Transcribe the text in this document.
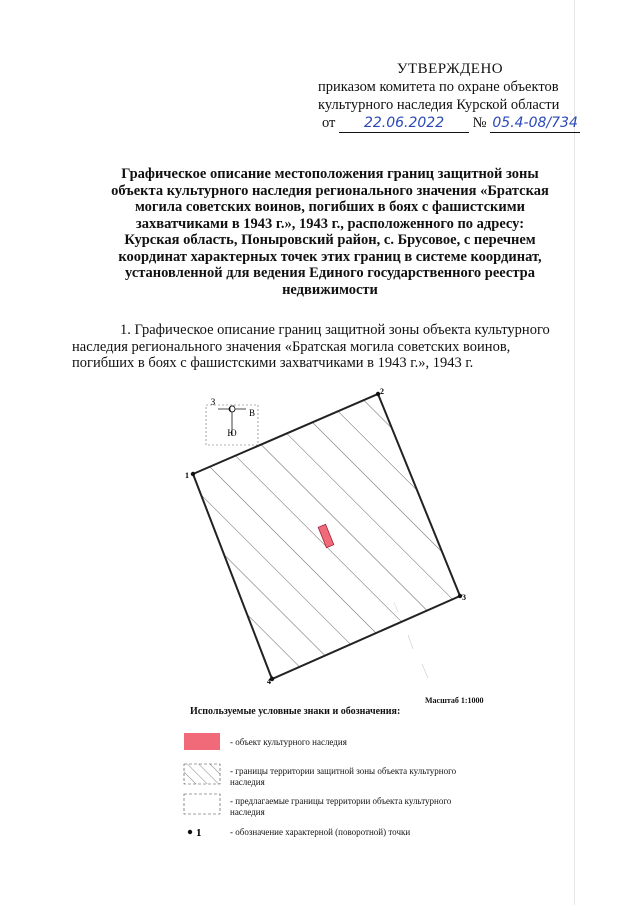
УТВЕРЖДЕНО
приказом комитета по охране объектов
культурного наследия Курской области
от 22.06.2022 № 05.4-08/734
Графическое описание местоположения границ защитной зоны
объекта культурного наследия регионального значения «Братская
могила советских воинов, погибших в боях с фашистскими
захватчиками в 1943 г.», 1943 г., расположенного по адресу:
Курская область, Поныровский район, с. Брусовое, с перечнем
координат характерных точек этих границ в системе координат,
установленной для ведения Единого государственного реестра
недвижимости
1. Графическое описание границ защитной зоны объекта культурного
наследия регионального значения «Братская могила советских воинов,
погибших в боях с фашистскими захватчиками в 1943 г.», 1943 г.
С
Ю
З
В
1
2
3
4
1
Масштаб 1:1000
Используемые условные знаки и обозначения:
- объект культурного наследия
- границы территории защитной зоны объекта культурного наследия
- предлагаемые границы территории объекта культурного наследия
- обозначение характерной (поворотной) точки
